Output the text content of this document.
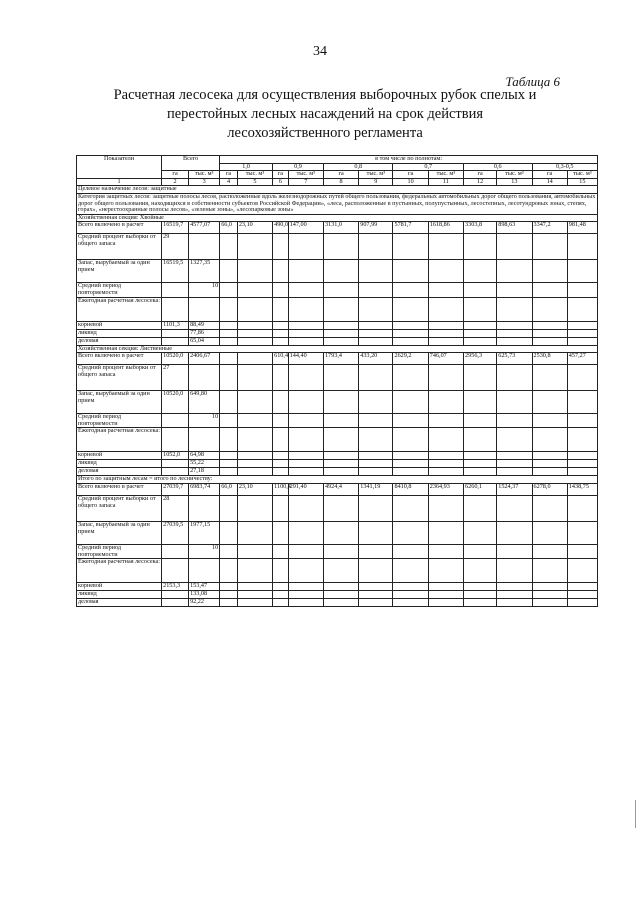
34
Таблица 6
Расчетная лесосека для осуществления выборочных рубок спелых и
перестойных лесных насаждений на срок действия
лесохозяйственного регламента
Показатели	Всего		в том числе по полнотам:											
			1,0		0,9		0,8		0,7		0,6		0,3-0,5	
	га	тыс. м³	га	тыс. м³	га	тыс. м³	га	тыс. м³	га	тыс. м³	га	тыс. м³	га	тыс. м³
1	2	3	4	5	6	7	8	9	10	11	12	13	14	15
Целевое назначение лесов: защитные														
Категория защитных лесов: защитные полосы лесов, расположенные вдоль железнодорожных путей общего пользования, федеральных автомобильных дорог общего пользования, автомобильных дорог общего пользования, находящихся в собственности субъектов Российской Федерации», «леса, расположенные в пустынных, полупустынных, лесостепных, лесотундровых зонах, степях, горах», «нерестоохранные полосы лесов», «зеленые зоны», «лесопарковые зоны»														
Хозяйственная секция: Хвойные														
Всего включено в расчет	16519,7	4577,07	66,0	23,10	490,0	147,00	3131,0	907,99	5781,7	1618,86	3303,8	898,63	3347,2	981,48
Средний процент выборки от общего запаса	29													
Запас, вырубаемый за один прием	16519,5	1327,35												
Средний период повторяемости		10												
Ежегодная расчетная лесосека:														
корневой	1101,3	88,49												
ликвид		77,86												
деловая		65,04												
Хозяйственная секция: Лиственные														
Всего включено в расчет	10520,0	2406,67			610,4	144,40	1793,4	433,20	2629,2	746,07	2956,3	625,73	2530,8	457,27
Средний процент выборки от общего запаса	27													
Запас, вырубаемый за один прием	10520,0	649,80												
Средний период повторяемости		10												
Ежегодная расчетная лесосека:														
корневой	1052,0	64,98												
ликвид		55,22												
деловая		27,18												
Итого по защитным лесам = итого по лесничеству:														
Всего включено в расчет	27039,7	6983,74	66,0	23,10	1100,4	291,40	4924,4	1341,19	8410,8	2364,93	6260,1	1524,37	6278,0	1438,75
Средний процент выборки от общего запаса	28													
Запас, вырубаемый за один прием	27039,5	1977,15												
Средний период повторяемости		10												
Ежегодная расчетная лесосека:														
корневой	2153,3	153,47												
ликвид		133,08												
деловая		92,22												
